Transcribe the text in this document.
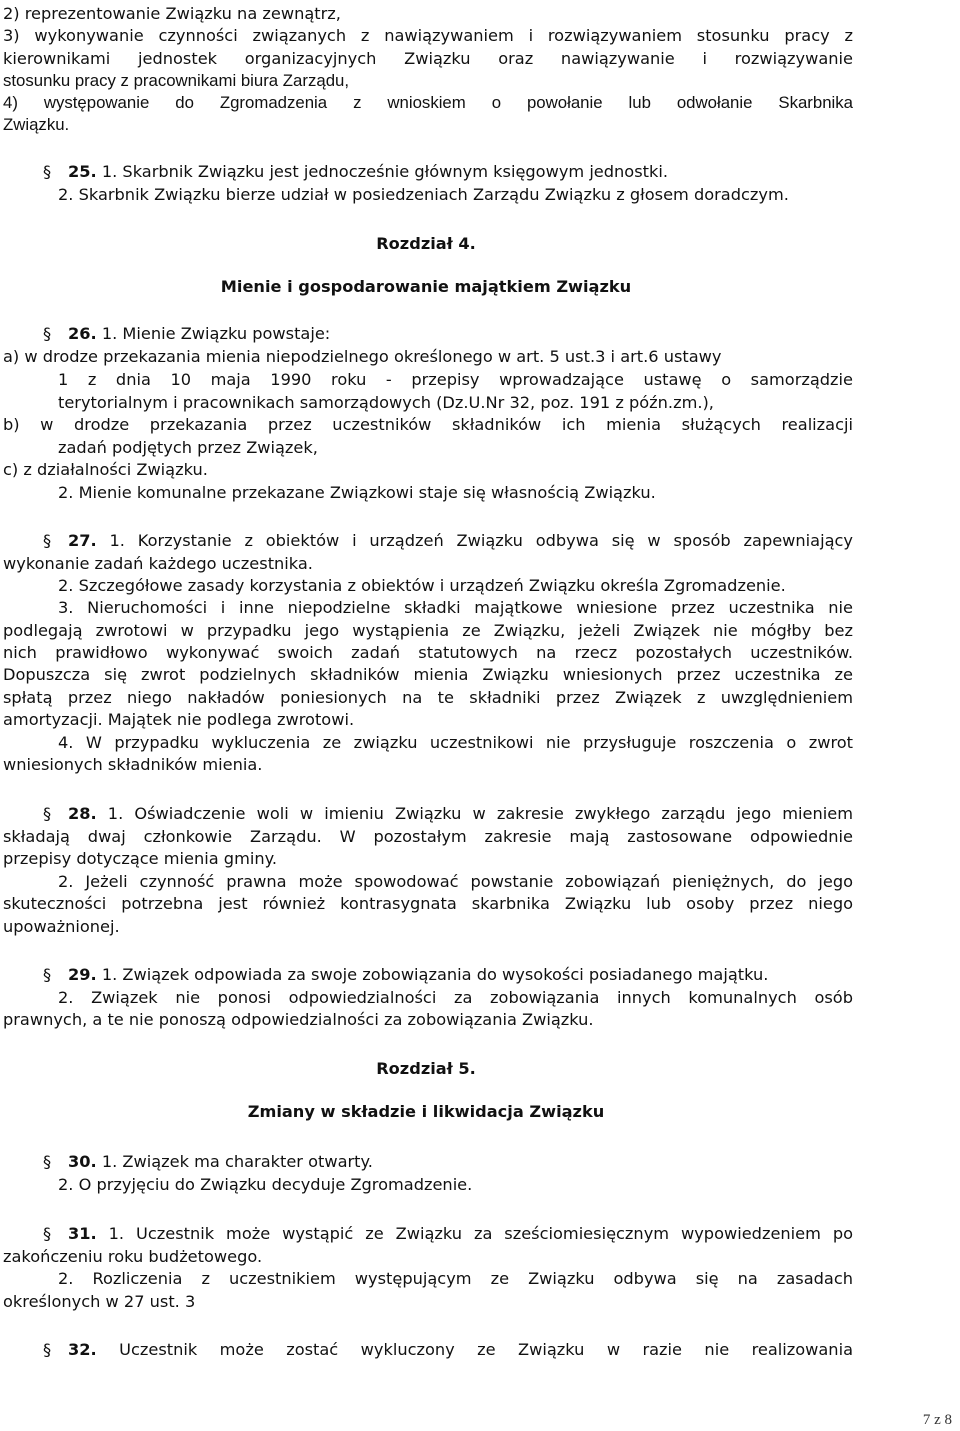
2) reprezentowanie Związku na zewnątrz,
3) wykonywanie czynności związanych z nawiązywaniem i rozwiązywaniem stosunku pracy z
kierownikami jednostek organizacyjnych Związku oraz nawiązywanie i rozwiązywanie
stosunku pracy z pracownikami biura Zarządu,
4) występowanie do Zgromadzenia z wnioskiem o powołanie lub odwołanie Skarbnika
Związku.
§ 25. 1. Skarbnik Związku jest jednocześnie głównym księgowym jednostki.
2. Skarbnik Związku bierze udział w posiedzeniach Zarządu Związku z głosem doradczym.
Rozdział 4.
Mienie i gospodarowanie majątkiem Związku
§ 26. 1. Mienie Związku powstaje:
a) w drodze przekazania mienia niepodzielnego określonego w art. 5 ust.3 i art.6 ustawy
1 z dnia 10 maja 1990 roku - przepisy wprowadzające ustawę o samorządzie
terytorialnym i pracownikach samorządowych (Dz.U.Nr 32, poz. 191 z późn.zm.),
b) w drodze przekazania przez uczestników składników ich mienia służących realizacji
zadań podjętych przez Związek,
c) z działalności Związku.
2. Mienie komunalne przekazane Związkowi staje się własnością Związku.
§ 27. 1. Korzystanie z obiektów i urządzeń Związku odbywa się w sposób zapewniający
wykonanie zadań każdego uczestnika.
2. Szczegółowe zasady korzystania z obiektów i urządzeń Związku określa Zgromadzenie.
3. Nieruchomości i inne niepodzielne składki majątkowe wniesione przez uczestnika nie
podlegają zwrotowi w przypadku jego wystąpienia ze Związku, jeżeli Związek nie mógłby bez
nich prawidłowo wykonywać swoich zadań statutowych na rzecz pozostałych uczestników.
Dopuszcza się zwrot podzielnych składników mienia Związku wniesionych przez uczestnika ze
spłatą przez niego nakładów poniesionych na te składniki przez Związek z uwzględnieniem
amortyzacji. Majątek nie podlega zwrotowi.
4. W przypadku wykluczenia ze związku uczestnikowi nie przysługuje roszczenia o zwrot
wniesionych składników mienia.
§ 28. 1. Oświadczenie woli w imieniu Związku w zakresie zwykłego zarządu jego mieniem
składają dwaj członkowie Zarządu. W pozostałym zakresie mają zastosowane odpowiednie
przepisy dotyczące mienia gminy.
2. Jeżeli czynność prawna może spowodować powstanie zobowiązań pieniężnych, do jego
skuteczności potrzebna jest również kontrasygnata skarbnika Związku lub osoby przez niego
upoważnionej.
§ 29. 1. Związek odpowiada za swoje zobowiązania do wysokości posiadanego majątku.
2. Związek nie ponosi odpowiedzialności za zobowiązania innych komunalnych osób
prawnych, a te nie ponoszą odpowiedzialności za zobowiązania Związku.
Rozdział 5.
Zmiany w składzie i likwidacja Związku
§ 30. 1. Związek ma charakter otwarty.
2. O przyjęciu do Związku decyduje Zgromadzenie.
§ 31. 1. Uczestnik może wystąpić ze Związku za sześciomiesięcznym wypowiedzeniem po
zakończeniu roku budżetowego.
2. Rozliczenia z uczestnikiem występującym ze Związku odbywa się na zasadach
określonych w 27 ust. 3
§ 32. Uczestnik może zostać wykluczony ze Związku w razie nie realizowania
7 z 8
